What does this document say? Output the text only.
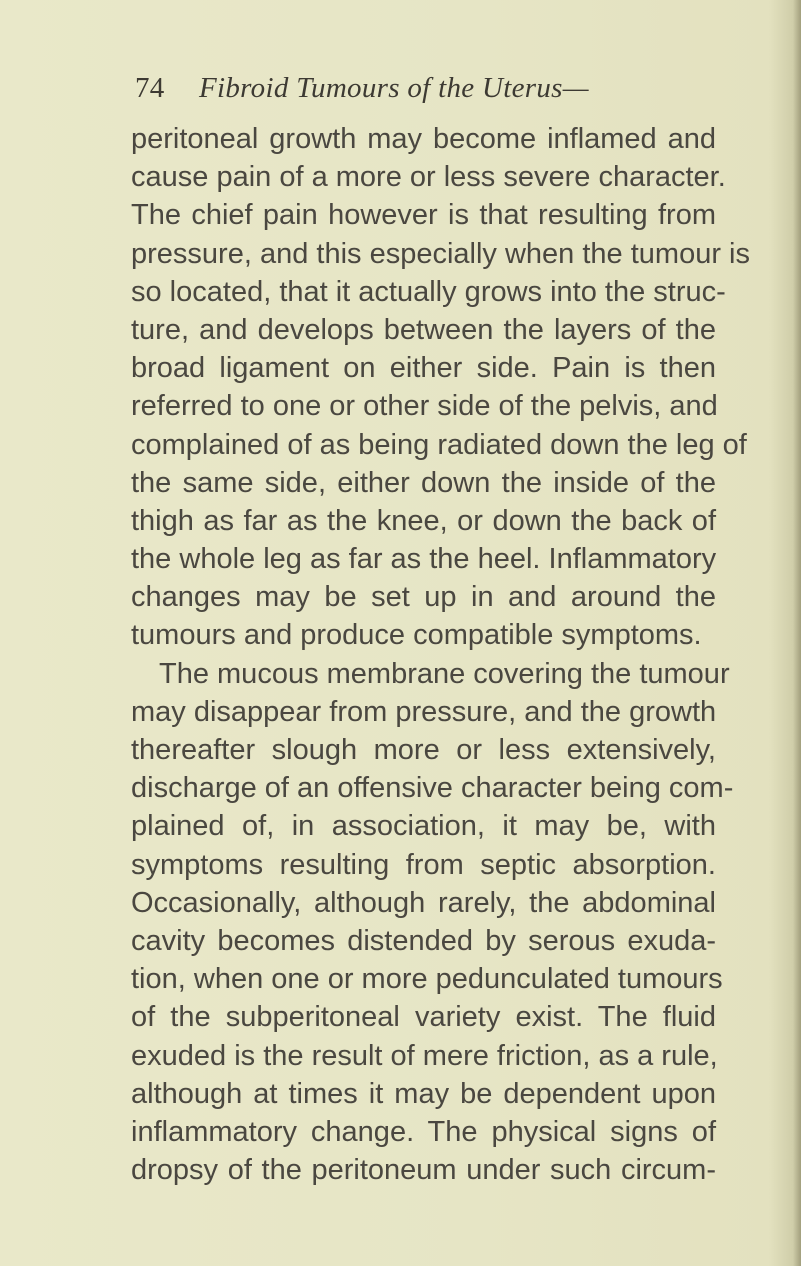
74 Fibroid Tumours of the Uterus—
peritoneal growth may become inflamed and
cause pain of a more or less severe character.
The chief pain however is that resulting from
pressure, and this especially when the tumour is
so located, that it actually grows into the struc-
ture, and develops between the layers of the
broad ligament on either side. Pain is then
referred to one or other side of the pelvis, and
complained of as being radiated down the leg of
the same side, either down the inside of the
thigh as far as the knee, or down the back of
the whole leg as far as the heel. Inflammatory
changes may be set up in and around the
tumours and produce compatible symptoms.
The mucous membrane covering the tumour
may disappear from pressure, and the growth
thereafter slough more or less extensively,
discharge of an offensive character being com-
plained of, in association, it may be, with
symptoms resulting from septic absorption.
Occasionally, although rarely, the abdominal
cavity becomes distended by serous exuda-
tion, when one or more pedunculated tumours
of the subperitoneal variety exist. The fluid
exuded is the result of mere friction, as a rule,
although at times it may be dependent upon
inflammatory change. The physical signs of
dropsy of the peritoneum under such circum-
